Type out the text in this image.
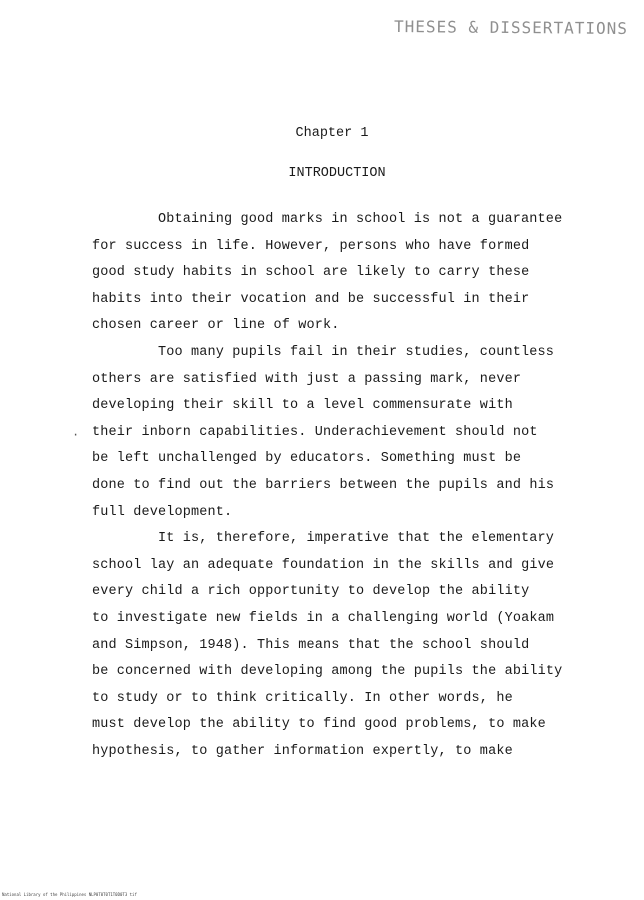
THESES & DISSERTATIONS
Chapter 1
INTRODUCTION
·
Obtaining good marks in school is not a guarantee
for success in life. However, persons who have formed
good study habits in school are likely to carry these
habits into their vocation and be successful in their
chosen career or line of work.
Too many pupils fail in their studies, countless
others are satisfied with just a passing mark, never
developing their skill to a level commensurate with
their inborn capabilities. Underachievement should not
be left unchallenged by educators. Something must be
done to find out the barriers between the pupils and his
full development.
It is, therefore, imperative that the elementary
school lay an adequate foundation in the skills and give
every child a rich opportunity to develop the ability
to investigate new fields in a challenging world (Yoakam
and Simpson, 1948). This means that the school should
be concerned with developing among the pupils the ability
to study or to think critically. In other words, he
must develop the ability to find good problems, to make
hypothesis, to gather information expertly, to make
National Library of the Philippines NLP0T0T0T1T0D0T3 tif
